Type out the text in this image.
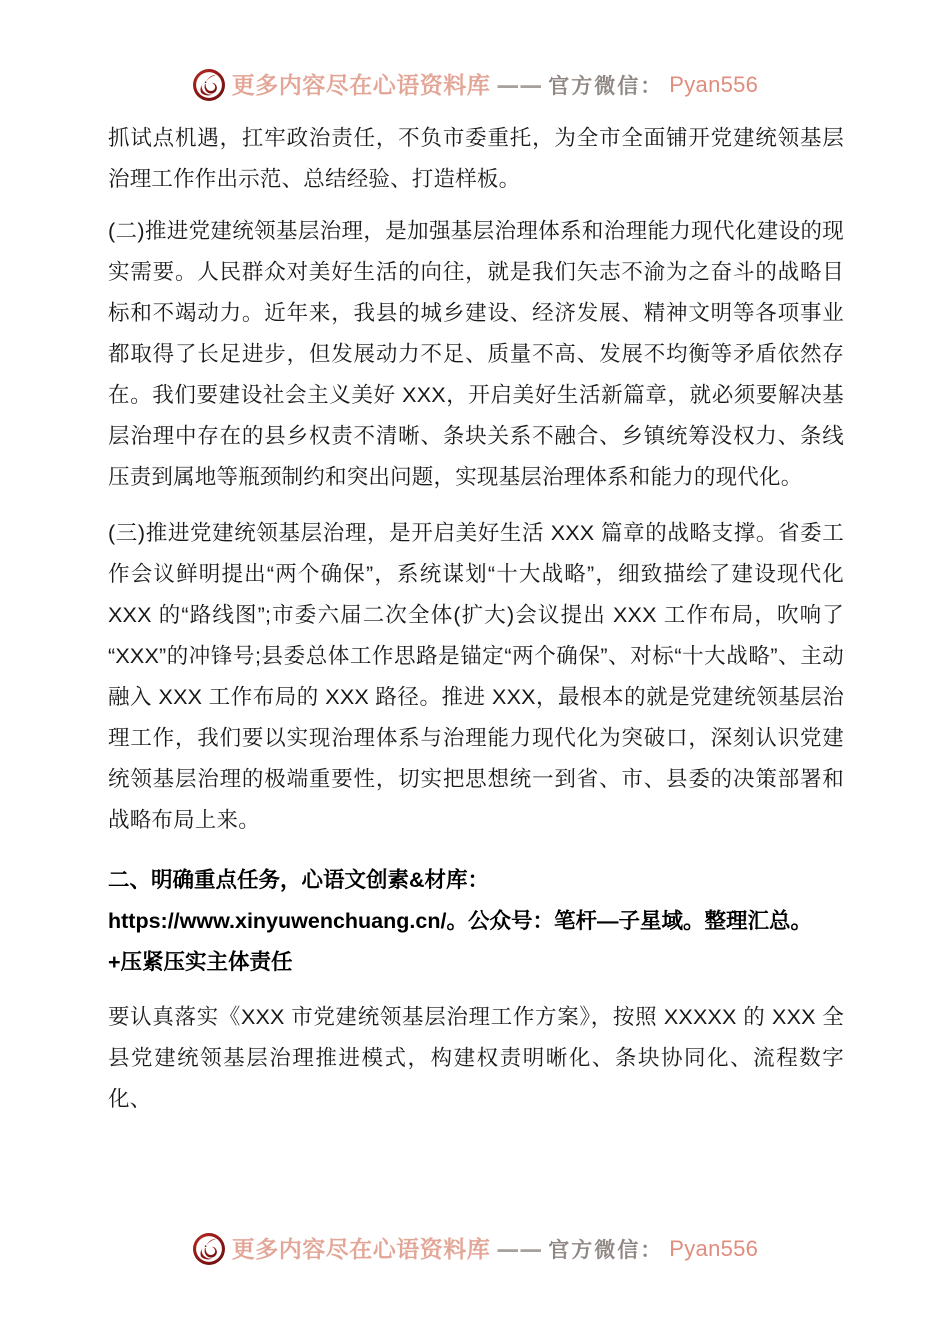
更多内容尽在心语资料库 —— 官方微信： Pyan556

抓试点机遇，扛牢政治责任，不负市委重托，为全市全面铺开党建统领基层治理工作作出示范、总结经验、打造样板。

(二)推进党建统领基层治理，是加强基层治理体系和治理能力现代化建设的现实需要。人民群众对美好生活的向往，就是我们矢志不渝为之奋斗的战略目标和不竭动力。近年来，我县的城乡建设、经济发展、精神文明等各项事业都取得了长足进步，但发展动力不足、质量不高、发展不均衡等矛盾依然存在。我们要建设社会主义美好 XXX，开启美好生活新篇章，就必须要解决基层治理中存在的县乡权责不清晰、条块关系不融合、乡镇统筹没权力、条线压责到属地等瓶颈制约和突出问题，实现基层治理体系和能力的现代化。

(三)推进党建统领基层治理，是开启美好生活 XXX 篇章的战略支撑。省委工作会议鲜明提出“两个确保”，系统谋划“十大战略”，细致描绘了建设现代化 XXX 的“路线图”;市委六届二次全体(扩大)会议提出 XXX 工作布局，吹响了“XXX”的冲锋号;县委总体工作思路是锚定“两个确保”、对标“十大战略”、主动融入 XXX 工作布局的 XXX 路径。推进 XXX，最根本的就是党建统领基层治理工作，我们要以实现治理体系与治理能力现代化为突破口，深刻认识党建统领基层治理的极端重要性，切实把思想统一到省、市、县委的决策部署和战略布局上来。

二、明确重点任务，心语文创素&材库：https://www.xinyuwenchuang.cn/。公众号：笔杆—子星域。整理汇总。+压紧压实主体责任

要认真落实《XXX 市党建统领基层治理工作方案》，按照 XXXXX 的 XXX 全县党建统领基层治理推进模式，构建权责明晰化、条块协同化、流程数字化、

更多内容尽在心语资料库 —— 官方微信： Pyan556
